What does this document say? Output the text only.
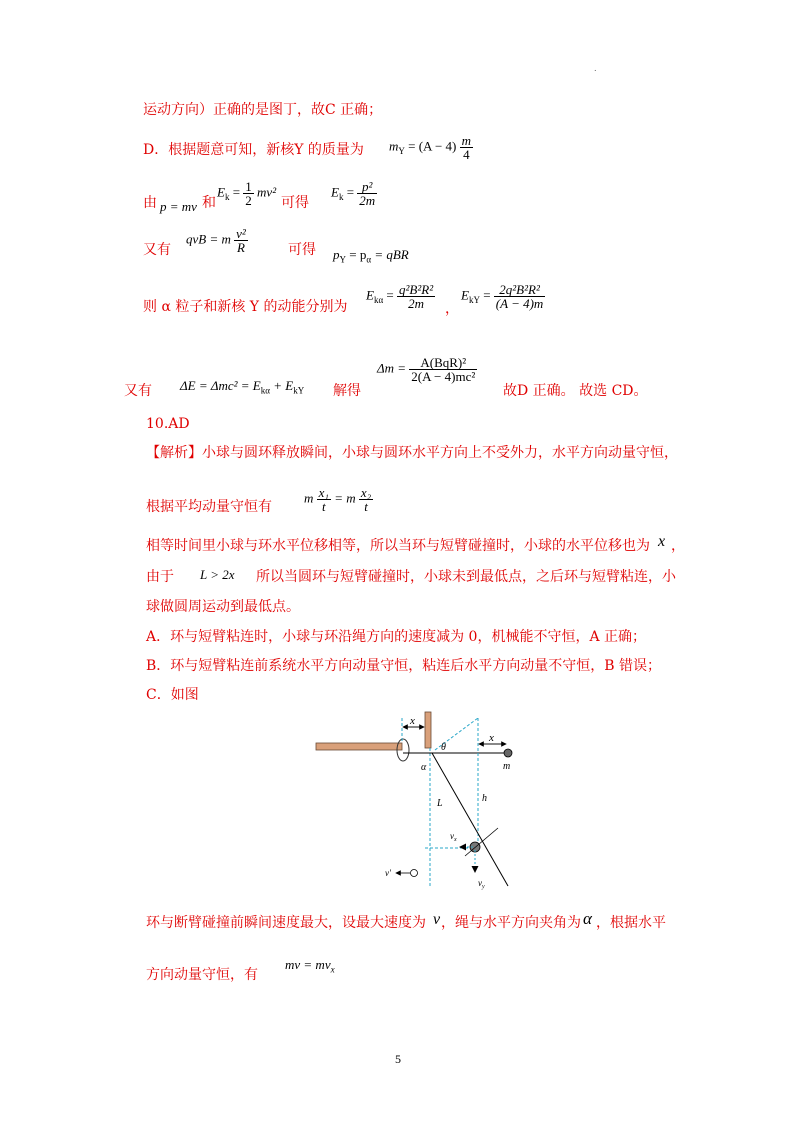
.
运动方向）正确的是图丁，故C 正确；
D．根据题意可知，新核Y 的质量为 $m_Y = (A - 4) \frac{m}{4}$
由 p = mv 和
$E_k = \frac{1}{2} mv^2$
可得
$E_k = \frac{\text{p²}}{2m}$
又有
qvB = m $\frac{\text{v²}}{R}$	可得 $p_Y = p_\alpha$ = qBR
则 α 粒子和新核 Y 的动能分别为
$E_{k\alpha} = \frac{\text{q²B²R²}}{2m}$ ，
$E_{kY} = \frac{\text{2q²B²R²}}{(A - 4)m}$
又有 $\Delta E = \Delta mc^2 = E_{k\alpha} + E_{kY}$ 解得
$\Delta m = \frac{\text{A(BqR)²}}{\text{2(A − 4)mc²}}$
故D 正确。 故选 CD。
10.AD
【解析】小球与圆环释放瞬间，小球与圆环水平方向上不受外力，水平方向动量守恒，
根据平均动量守恒有
m $\frac{\text{x₁}}{t} = m \frac{\text{x₂}}{t}$
相等时间里小球与环水平位移相等，所以当环与短臂碰撞时，小球的水平位移也为 x ，
由于 L > 2x 所以当圆环与短臂碰撞时，小球未到最低点，之后环与短臂粘连，小
球做圆周运动到最低点。
A．环与短臂粘连时，小球与环沿绳方向的速度减为 0，机械能不守恒，A 正确；
B．环与短臂粘连前系统水平方向动量守恒，粘连后水平方向动量不守恒，B 错误；
C．如图
x
x
θ
α	m
L	h
$v_x$
$v_y$
v′
环与断臂碰撞前瞬间速度最大，设最大速度为 v ，绳与水平方向夹角为 α ，根据水平
方向动量守恒，有
mv = $mv_x$
5
